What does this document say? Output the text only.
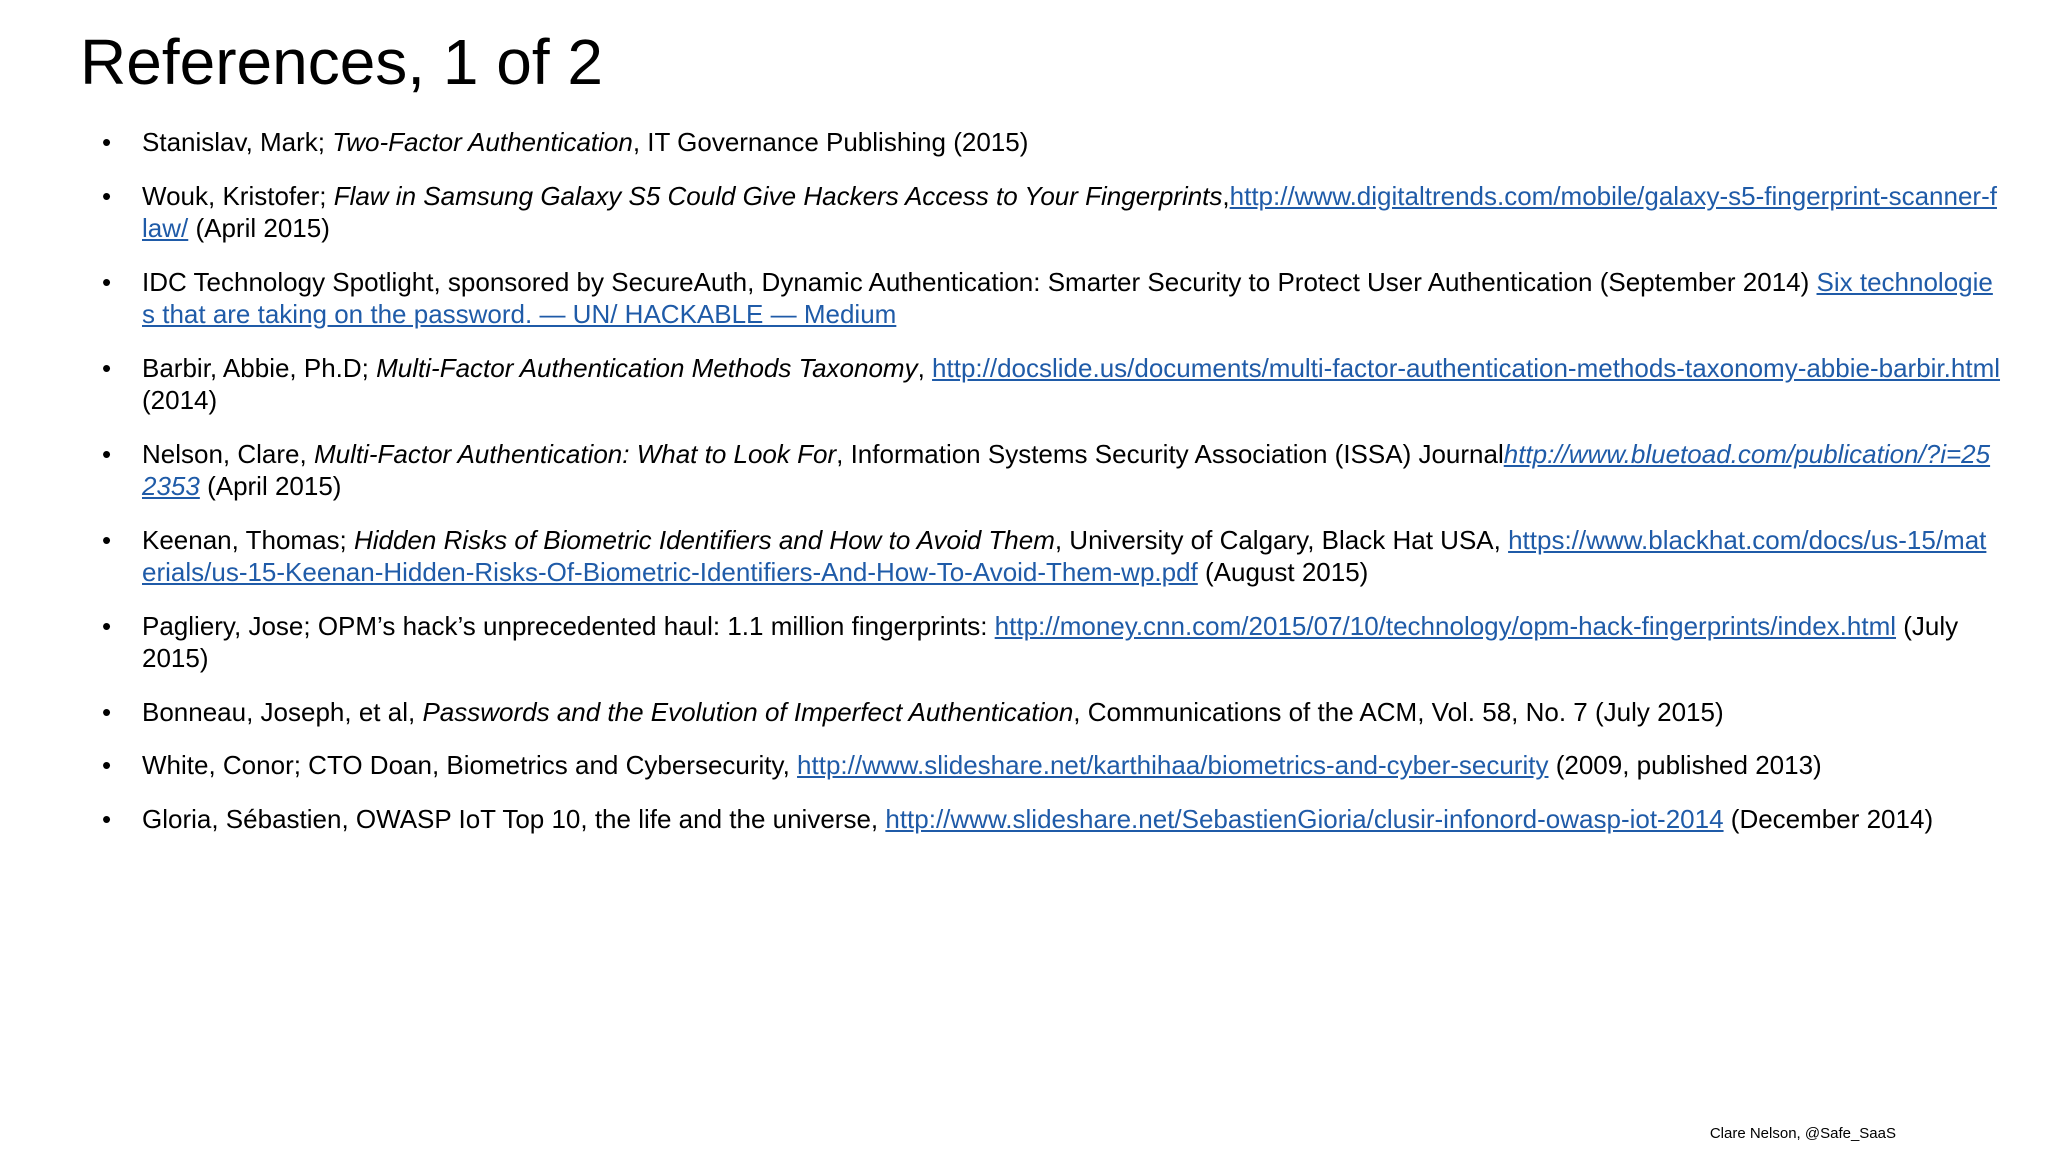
References, 1 of 2
• Stanislav, Mark; Two-Factor Authentication, IT Governance Publishing (2015)
• Wouk, Kristofer; Flaw in Samsung Galaxy S5 Could Give Hackers Access to Your Fingerprints,http://www.digitaltrends.com/mobile/galaxy-s5-fingerprint-scanner-flaw/ (April 2015)
• IDC Technology Spotlight, sponsored by SecureAuth, Dynamic Authentication: Smarter Security to Protect User Authentication (September 2014) Six technologies that are taking on the password. — UN/ HACKABLE — Medium
• Barbir, Abbie, Ph.D; Multi-Factor Authentication Methods Taxonomy, http://docslide.us/documents/multi-factor-authentication-methods-taxonomy-abbie-barbir.html (2014)
• Nelson, Clare, Multi-Factor Authentication: What to Look For, Information Systems Security Association (ISSA) Journalhttp://www.bluetoad.com/publication/?i=252353 (April 2015)
• Keenan, Thomas; Hidden Risks of Biometric Identifiers and How to Avoid Them, University of Calgary, Black Hat USA, https://www.blackhat.com/docs/us-15/materials/us-15-Keenan-Hidden-Risks-Of-Biometric-Identifiers-And-How-To-Avoid-Them-wp.pdf (August 2015)
• Pagliery, Jose; OPM’s hack’s unprecedented haul: 1.1 million fingerprints: http://money.cnn.com/2015/07/10/technology/opm-hack-fingerprints/index.html (July 2015)
• Bonneau, Joseph, et al, Passwords and the Evolution of Imperfect Authentication, Communications of the ACM, Vol. 58, No. 7 (July 2015)
• White, Conor; CTO Doan, Biometrics and Cybersecurity, http://www.slideshare.net/karthihaa/biometrics-and-cyber-security (2009, published 2013)
• Gloria, Sébastien, OWASP IoT Top 10, the life and the universe, http://www.slideshare.net/SebastienGioria/clusir-infonord-owasp-iot-2014 (December 2014)
Clare Nelson, @Safe_SaaS
